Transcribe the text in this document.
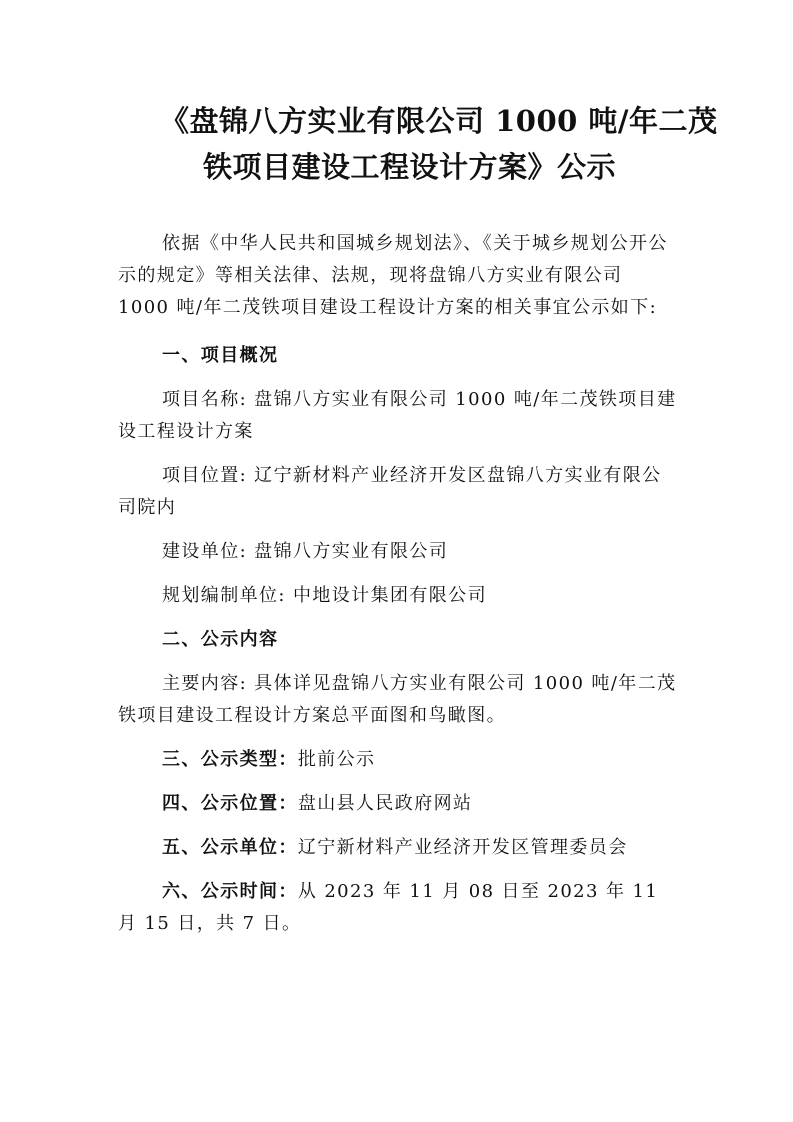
《盘锦八方实业有限公司 1000 吨/年二茂
铁项目建设工程设计方案》公示

依据《中华人民共和国城乡规划法》、《关于城乡规划公开公示的规定》等相关法律、法规，现将盘锦八方实业有限公司 1000 吨/年二茂铁项目建设工程设计方案的相关事宜公示如下:

一、项目概况

项目名称: 盘锦八方实业有限公司 1000 吨/年二茂铁项目建设工程设计方案

项目位置: 辽宁新材料产业经济开发区盘锦八方实业有限公司院内

建设单位: 盘锦八方实业有限公司

规划编制单位: 中地设计集团有限公司

二、公示内容

主要内容: 具体详见盘锦八方实业有限公司 1000 吨/年二茂铁项目建设工程设计方案总平面图和鸟瞰图。

三、公示类型：批前公示

四、公示位置：盘山县人民政府网站

五、公示单位：辽宁新材料产业经济开发区管理委员会

六、公示时间：从 2023 年 11 月 08 日至 2023 年 11 月 15 日，共 7 日。
